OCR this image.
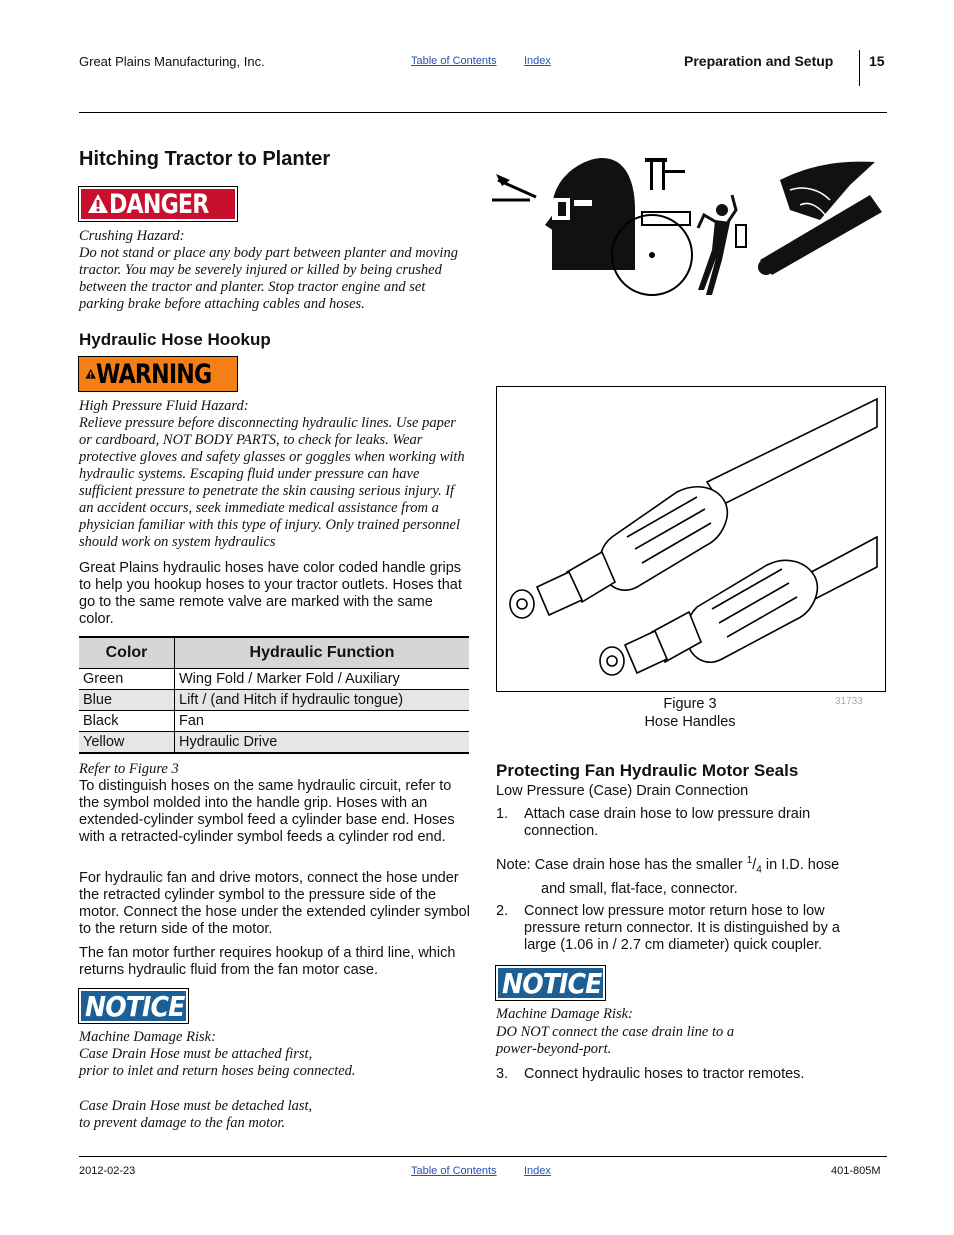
Great Plains Manufacturing, Inc.	Table of Contents Index	Preparation and Setup	15
Hitching Tractor to Planter
DANGER
Crushing Hazard:
Do not stand or place any body part between planter and moving tractor. You may be severely injured or killed by being crushed between the tractor and planter. Stop tractor engine and set parking brake before attaching cables and hoses.
Hydraulic Hose Hookup
WARNING
High Pressure Fluid Hazard:
Relieve pressure before disconnecting hydraulic lines. Use paper or cardboard, NOT BODY PARTS, to check for leaks. Wear protective gloves and safety glasses or goggles when working with hydraulic systems. Escaping fluid under pressure can have sufficient pressure to penetrate the skin causing serious injury. If an accident occurs, seek immediate medical assistance from a physician familiar with this type of injury. Only trained personnel should work on system hydraulics
Great Plains hydraulic hoses have color coded handle grips to help you hookup hoses to your tractor outlets. Hoses that go to the same remote valve are marked with the same color.
Color	Hydraulic Function
Green	Wing Fold / Marker Fold / Auxiliary
Blue	Lift / (and Hitch if hydraulic tongue)
Black	Fan
Yellow	Hydraulic Drive
Refer to Figure 3
To distinguish hoses on the same hydraulic circuit, refer to the symbol molded into the handle grip. Hoses with an extended-cylinder symbol feed a cylinder base end. Hoses with a retracted-cylinder symbol feeds a cylinder rod end.
For hydraulic fan and drive motors, connect the hose under the retracted cylinder symbol to the pressure side of the motor. Connect the hose under the extended cylinder symbol to the return side of the motor.
The fan motor further requires hookup of a third line, which returns hydraulic fluid from the fan motor case.
NOTICE
Machine Damage Risk:
Case Drain Hose must be attached first,
prior to inlet and return hoses being connected.
Case Drain Hose must be detached last,
to prevent damage to the fan motor.
Figure 3
Hose Handles
31733
Protecting Fan Hydraulic Motor Seals
Low Pressure (Case) Drain Connection
1. Attach case drain hose to low pressure drain connection.
Note: Case drain hose has the smaller $^1/_4$ in I.D. hose
and small, flat-face, connector.
2. Connect low pressure motor return hose to low pressure return connector. It is distinguished by a large (1.06 in / 2.7 cm diameter) quick coupler.
NOTICE
Machine Damage Risk:
DO NOT connect the case drain line to a
power-beyond-port.
3. Connect hydraulic hoses to tractor remotes.
2012-02-23	Table of Contents Index	401-805M
